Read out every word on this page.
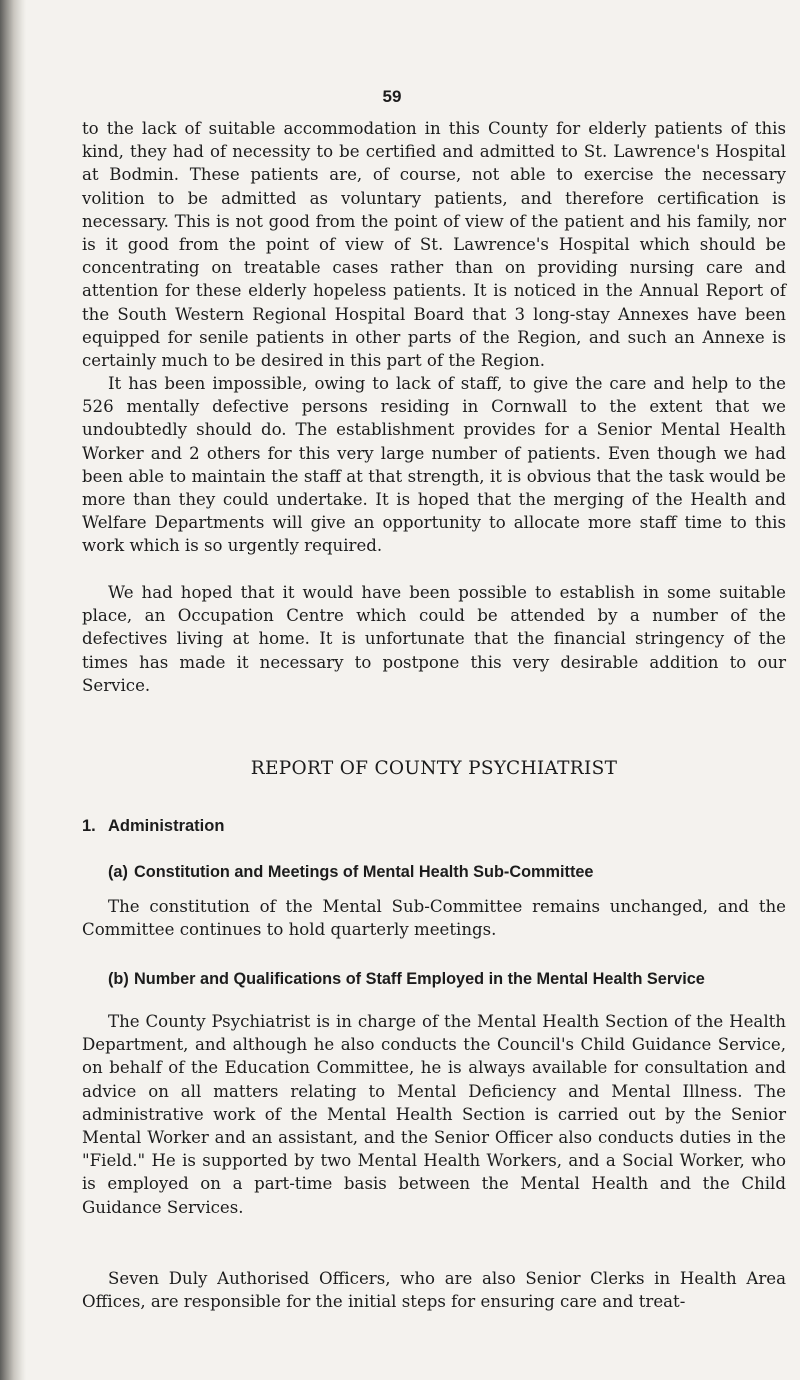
59

to the lack of suitable accommodation in this County for elderly patients of this kind, they had of necessity to be certified and admitted to St. Lawrence's Hospital at Bodmin. These patients are, of course, not able to exercise the necessary volition to be admitted as voluntary patients, and therefore certification is necessary. This is not good from the point of view of the patient and his family, nor is it good from the point of view of St. Lawrence's Hospital which should be concentrating on treatable cases rather than on providing nursing care and attention for these elderly hopeless patients. It is noticed in the Annual Report of the South Western Regional Hospital Board that 3 long-stay Annexes have been equipped for senile patients in other parts of the Region, and such an Annexe is certainly much to be desired in this part of the Region.

It has been impossible, owing to lack of staff, to give the care and help to the 526 mentally defective persons residing in Cornwall to the extent that we undoubtedly should do. The establishment provides for a Senior Mental Health Worker and 2 others for this very large number of patients. Even though we had been able to maintain the staff at that strength, it is obvious that the task would be more than they could undertake. It is hoped that the merging of the Health and Welfare Departments will give an opportunity to allocate more staff time to this work which is so urgently required.

We had hoped that it would have been possible to establish in some suitable place, an Occupation Centre which could be attended by a number of the defectives living at home. It is unfortunate that the financial stringency of the times has made it necessary to postpone this very desirable addition to our Service.

REPORT OF COUNTY PSYCHIATRIST
1. Administration
(a) Constitution and Meetings of Mental Health Sub-Committee

The constitution of the Mental Sub-Committee remains unchanged, and the Committee continues to hold quarterly meetings.

(b) Number and Qualifications of Staff Employed in the Mental Health Service

The County Psychiatrist is in charge of the Mental Health Section of the Health Department, and although he also conducts the Council's Child Guidance Service, on behalf of the Education Committee, he is always available for consultation and advice on all matters relating to Mental Deficiency and Mental Illness. The administrative work of the Mental Health Section is carried out by the Senior Mental Worker and an assistant, and the Senior Officer also conducts duties in the "Field." He is supported by two Mental Health Workers, and a Social Worker, who is employed on a part-time basis between the Mental Health and the Child Guidance Services.

Seven Duly Authorised Officers, who are also Senior Clerks in Health Area Offices, are responsible for the initial steps for ensuring care and treat-
